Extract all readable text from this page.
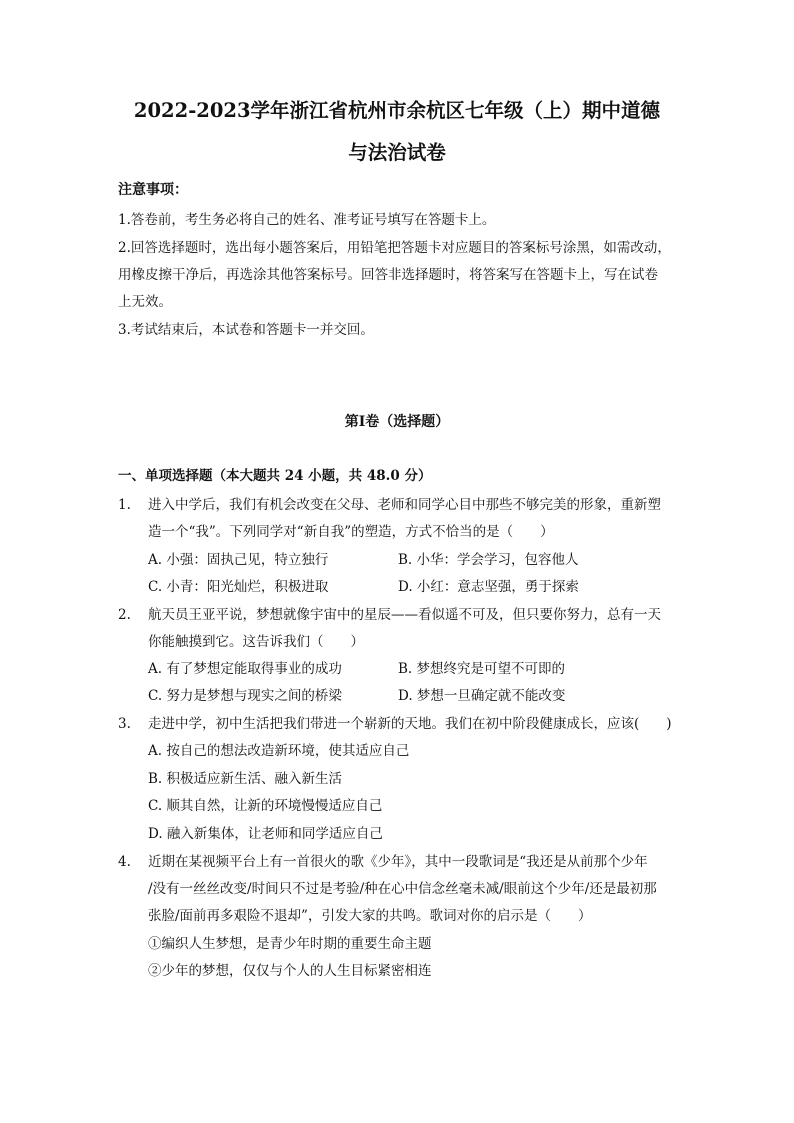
2022-2023学年浙江省杭州市余杭区七年级（上）期中道德
与法治试卷
注意事项：
1.答卷前，考生务必将自己的姓名、准考证号填写在答题卡上。
2.回答选择题时，选出每小题答案后，用铅笔把答题卡对应题目的答案标号涂黑，如需改动，
用橡皮擦干净后，再选涂其他答案标号。回答非选择题时，将答案写在答题卡上，写在试卷
上无效。
3.考试结束后，本试卷和答题卡一并交回。
第Ⅰ卷（选择题）
一、单项选择题（本大题共 24 小题，共 48.0 分）
1. 进入中学后，我们有机会改变在父母、老师和同学心目中那些不够完美的形象，重新塑
造一个“我”。下列同学对“新自我”的塑造，方式不恰当的是（　　）
A. 小强：固执己见，特立独行	B. 小华：学会学习，包容他人
C. 小青：阳光灿烂，积极进取	D. 小红：意志坚强，勇于探索
2. 航天员王亚平说，梦想就像宇宙中的星辰——看似遥不可及，但只要你努力，总有一天
你能触摸到它。这告诉我们（　　）
A. 有了梦想定能取得事业的成功	B. 梦想终究是可望不可即的
C. 努力是梦想与现实之间的桥梁	D. 梦想一旦确定就不能改变
3. 走进中学，初中生活把我们带进一个崭新的天地。我们在初中阶段健康成长，应该(　　)
A. 按自己的想法改造新环境，使其适应自己
B. 积极适应新生活、融入新生活
C. 顺其自然，让新的环境慢慢适应自己
D. 融入新集体，让老师和同学适应自己
4. 近期在某视频平台上有一首很火的歌《少年》，其中一段歌词是“我还是从前那个少年
/没有一丝丝改变/时间只不过是考验/种在心中信念丝毫未减/眼前这个少年/还是最初那
张脸/面前再多艰险不退却”，引发大家的共鸣。歌词对你的启示是（　　）
①编织人生梦想，是青少年时期的重要生命主题
②少年的梦想，仅仅与个人的人生目标紧密相连
